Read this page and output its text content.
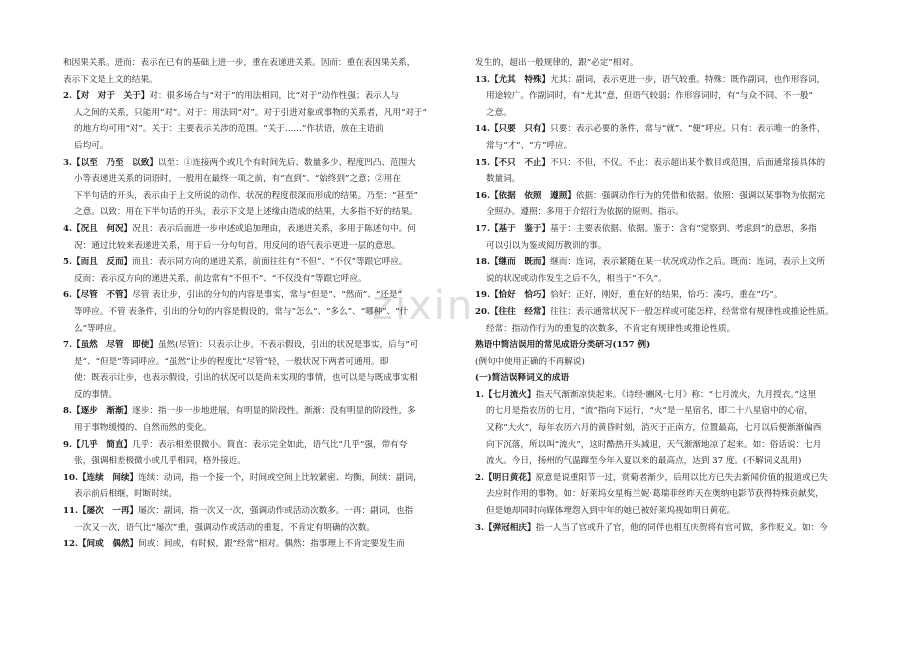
zixin
和因果关系。进而：表示在已有的基础上进一步，重在表递进关系。因而：重在表因果关系，
表示下文是上文的结果。
2.【对　对于　关于】对：很多场合与“对于”的用法相同，比“对于”动作性强；表示人与
人之间的关系，只能用“对”。对于：用法同“对”。对于引进对象或事物的关系者，凡用“对于”
的地方均可用“对”。关于：主要表示关涉的范围。“关于……”作状语，放在主语前
后均可。
3.【以至　乃至　以致】以至：①连接两个或几个有时间先后、数量多少、程度凹凸、范围大
小等表递进关系的词语时，一般用在最终一项之前，有“直到”、“始终到”之意；②用在
下半句话的开头，表示由于上文所说的动作、状况的程度很深而形成的结果。乃至：“甚至”
之意。以致：用在下半句话的开头，表示下文是上述缘由造成的结果，大多指不好的结果。
4.【况且　何况】况且：表示后面进一步申述或追加理由，表递进关系，多用于陈述句中。何
况：通过比较来表递进关系，用于后一分句句首，用反问的语气表示更进一层的意思。
5.【而且　反而】而且：表示同方向的递进关系，前面往往有“不但”、“不仅”等跟它呼应。
反而：表示反方向的递进关系，前边常有“不但不”、“不仅没有”等跟它呼应。
6.【尽管　不管】尽管 表让步，引出的分句的内容是事实，常与“但是”、“然而”、“还是”
等呼应。不管 表条件，引出的分句的内容是假设的，常与“怎么”、“多么”、“哪种”、“什
么”等呼应。
7.【虽然　尽管　即使】虽然(尽管)：只表示让步，不表示假设，引出的状况是事实，后与“可
是”、“但是”等词呼应。“虽然”让步的程度比“尽管”轻，一般状况下两者可通用。即
使：既表示让步，也表示假设，引出的状况可以是尚未实现的事情，也可以是与既成事实相
反的事情。
8.【逐步　渐渐】逐步：指一步一步地进展，有明显的阶段性。渐渐：没有明显的阶段性，多
用于事物缓慢的、自然而然的变化。
9.【几乎　简直】几乎：表示相差很微小。简直：表示完全如此，语气比“几乎”强，带有夸
张，强调相差极微小或几乎相同，格外接近。
10.【连续　间续】连续：动词，指一个接一个，时间或空间上比较紧密、均衡，间续：副词，
表示前后相继，时断时续。
11.【屡次　一再】屡次：副词，指一次又一次，强调动作或活动次数多。一再：副词，也指
一次又一次，语气比“屡次”重，强调动作或活动的重复，不肯定有明确的次数。
12.【间或　偶然】间或：间或，有时候，跟“经常”相对。偶然：指事理上不肯定要发生而
发生的，超出一般规律的，跟“必定”相对。
13.【尤其　特殊】尤其：副词，表示更进一步，语气较重。特殊：既作副词，也作形容词，
用途较广。作副词时，有“尤其”意，但语气较弱；作形容词时，有“与众不同、不一般”
之意。
14.【只要　只有】只要：表示必要的条件，常与“就”、“便”呼应。只有：表示唯一的条件，
常与“才”、“方”呼应。
15.【不只　不止】不只：不但，不仅。不止：表示超出某个数目或范围，后面通常接具体的
数量词。
16.【依据　依照　遵照】依据：强调动作行为的凭借和依据。依照：强调以某事物为依据完
全照办。遵照：多用于介绍行为依据的原则、指示。
17.【基于　鉴于】基于：主要表依据、依据。鉴于：含有“觉察到、考虑到”的意思，多指
可以引以为鉴或阅历教训的事。
18.【继而　既而】继而：连词，表示紧随在某一状况或动作之后。既而：连词，表示上文所
说的状况或动作发生之后不久，相当于“不久”。
19.【恰好　恰巧】恰好：正好，刚好，重在好的结果，恰巧：凑巧，重在“巧”。
20.【往往　经常】往往：表示通常状况下一般怎样或可能怎样，经常常有规律性或推论性质。
经常：指动作行为的重复的次数多，不肯定有规律性或推论性质。
熟语中简洁误用的常见成语分类研习(157 例)
(例句中使用正确的不再解说)
(一)简洁误释词义的成语
1.【七月流火】指天气渐渐凉快起来。《诗经·豳风·七月》称：“七月流火，九月授衣。”这里
的七月是指农历的七月，“流”指向下运行，“火”是一星宿名，即二十八星宿中的心宿，
又称“大火”，每年农历六月的黄昏时刻，消灭于正南方，位置最高，七月以后便渐渐偏西
向下沉落，所以叫“流火”，这时酷热开头减退，天气渐渐地凉了起来。如：俗话说：七月
流火。今日，扬州的气温蹿至今年入夏以来的最高点，达到 37 度。(不解词义乱用)
2.【明日黄花】原意是说重阳节一过，赏菊者渐少，后用以比方已失去新闻价值的报道或已失
去应时作用的事物。如：好莱坞女星梅兰妮·葛瑞菲丝昨天在奥纳电影节获得特殊贡献奖，
但是她却同时向媒体埋怨入到中年的她已被好莱坞视如明日黄花。
3.【弹冠相庆】指一人当了官或升了官，他的同伴也相互庆贺将有官可做，多作贬义。如：今
